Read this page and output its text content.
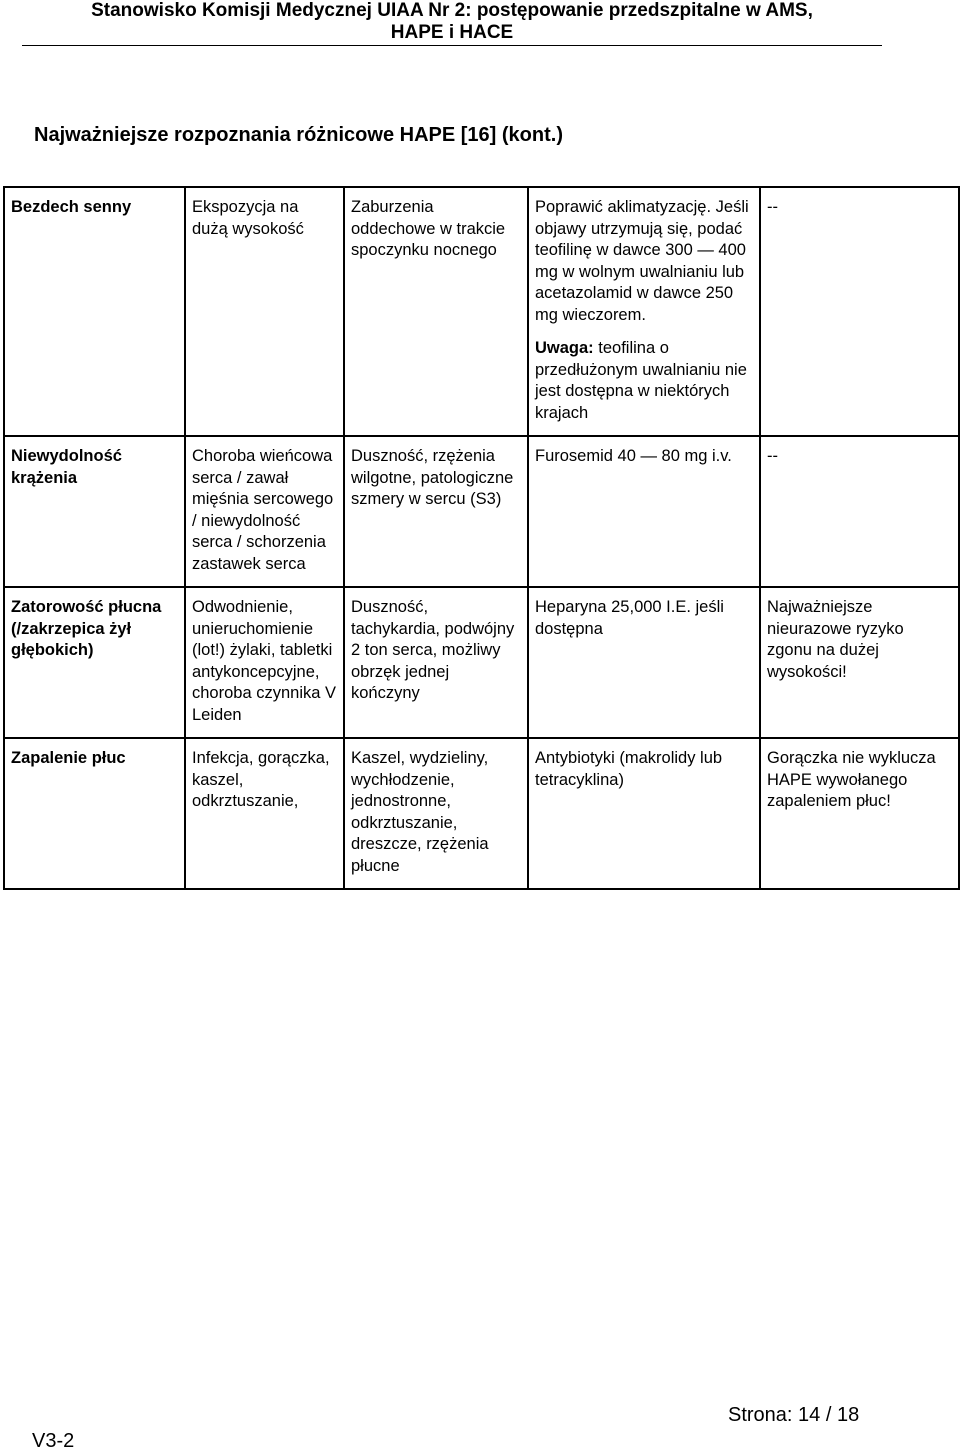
Stanowisko Komisji Medycznej UIAA Nr 2: postępowanie przedszpitalne w AMS,
HAPE i HACE
Najważniejsze rozpoznania różnicowe HAPE [16] (kont.)
Bezdech senny	Ekspozycja na dużą wysokość	Zaburzenia oddechowe w trakcie spoczynku nocnego	Poprawić aklimatyzację. Jeśli objawy utrzymują się, podać teofilinę w dawce 300 — 400 mg w wolnym uwalnianiu lub acetazolamid w dawce 250 mg wieczorem.
Uwaga: teofilina o przedłużonym uwalnianiu nie jest dostępna w niektórych krajach	--
Niewydolność krążenia	Choroba wieńcowa serca / zawał mięśnia sercowego / niewydolność serca / schorzenia zastawek serca	Duszność, rzężenia wilgotne, patologiczne szmery w sercu (S3)	Furosemid 40 — 80 mg i.v.	--
Zatorowość płucna (/zakrzepica żył głębokich)	Odwodnienie, unieruchomienie (lot!) żylaki, tabletki antykoncepcyjne, choroba czynnika V Leiden	Duszność, tachykardia, podwójny 2 ton serca, możliwy obrzęk jednej kończyny	Heparyna 25,000 I.E. jeśli dostępna	Najważniejsze nieurazowe ryzyko zgonu na dużej wysokości!
Zapalenie płuc	Infekcja, gorączka, kaszel, odkrztuszanie,	Kaszel, wydzieliny, wychłodzenie, jednostronne, odkrztuszanie, dreszcze, rzężenia płucne	Antybiotyki (makrolidy lub tetracyklina)	Gorączka nie wyklucza HAPE wywołanego zapaleniem płuc!
Strona: 14 / 18
V3-2
